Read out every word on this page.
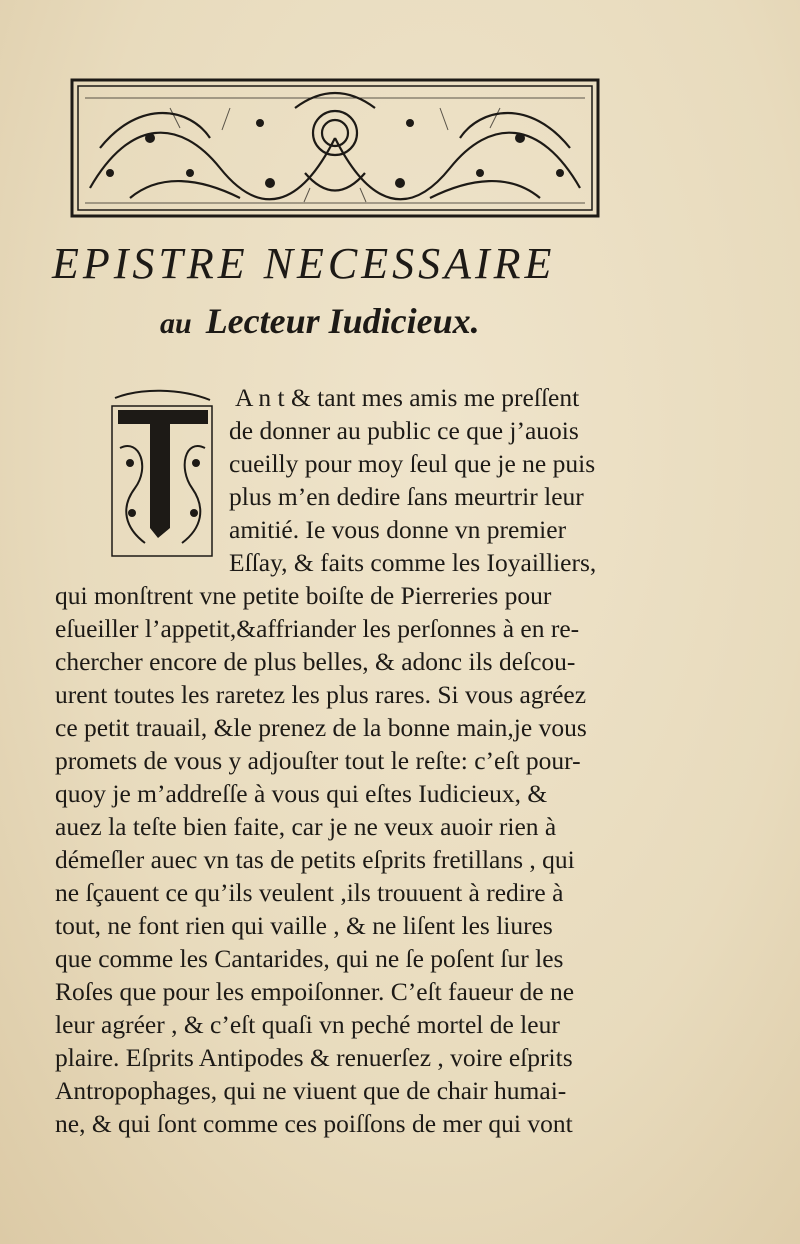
EPISTRE NECESSAIRE
au Lecteur Iudicieux.
A n t & tant mes amis me preſſent
de donner au public ce que j’auois
cueilly pour moy ſeul que je ne puis
plus m’en dedire ſans meurtrir leur
amitié. Ie vous donne vn premier
Eſſay, & faits comme les Ioyailliers,
qui monſtrent vne petite boiſte de Pierreries pour
eſueiller l’appetit,&affriander les perſonnes à en re-
chercher encore de plus belles, & adonc ils deſcou-
urent toutes les raretez les plus rares. Si vous agréez
ce petit trauail, &le prenez de la bonne main,je vous
promets de vous y adjouſter tout le reſte: c’eſt pour-
quoy je m’addreſſe à vous qui eſtes Iudicieux, &
auez la teſte bien faite, car je ne veux auoir rien à
démeſler auec vn tas de petits eſprits fretillans , qui
ne ſçauent ce qu’ils veulent ,ils trouuent à redire à
tout, ne font rien qui vaille , & ne liſent les liures
que comme les Cantarides, qui ne ſe poſent ſur les
Roſes que pour les empoiſonner. C’eſt faueur de ne
leur agréer , & c’eſt quaſi vn peché mortel de leur
plaire. Eſprits Antipodes & renuerſez , voire eſprits
Antropophages, qui ne viuent que de chair humai-
ne, & qui ſont comme ces poiſſons de mer qui vont
